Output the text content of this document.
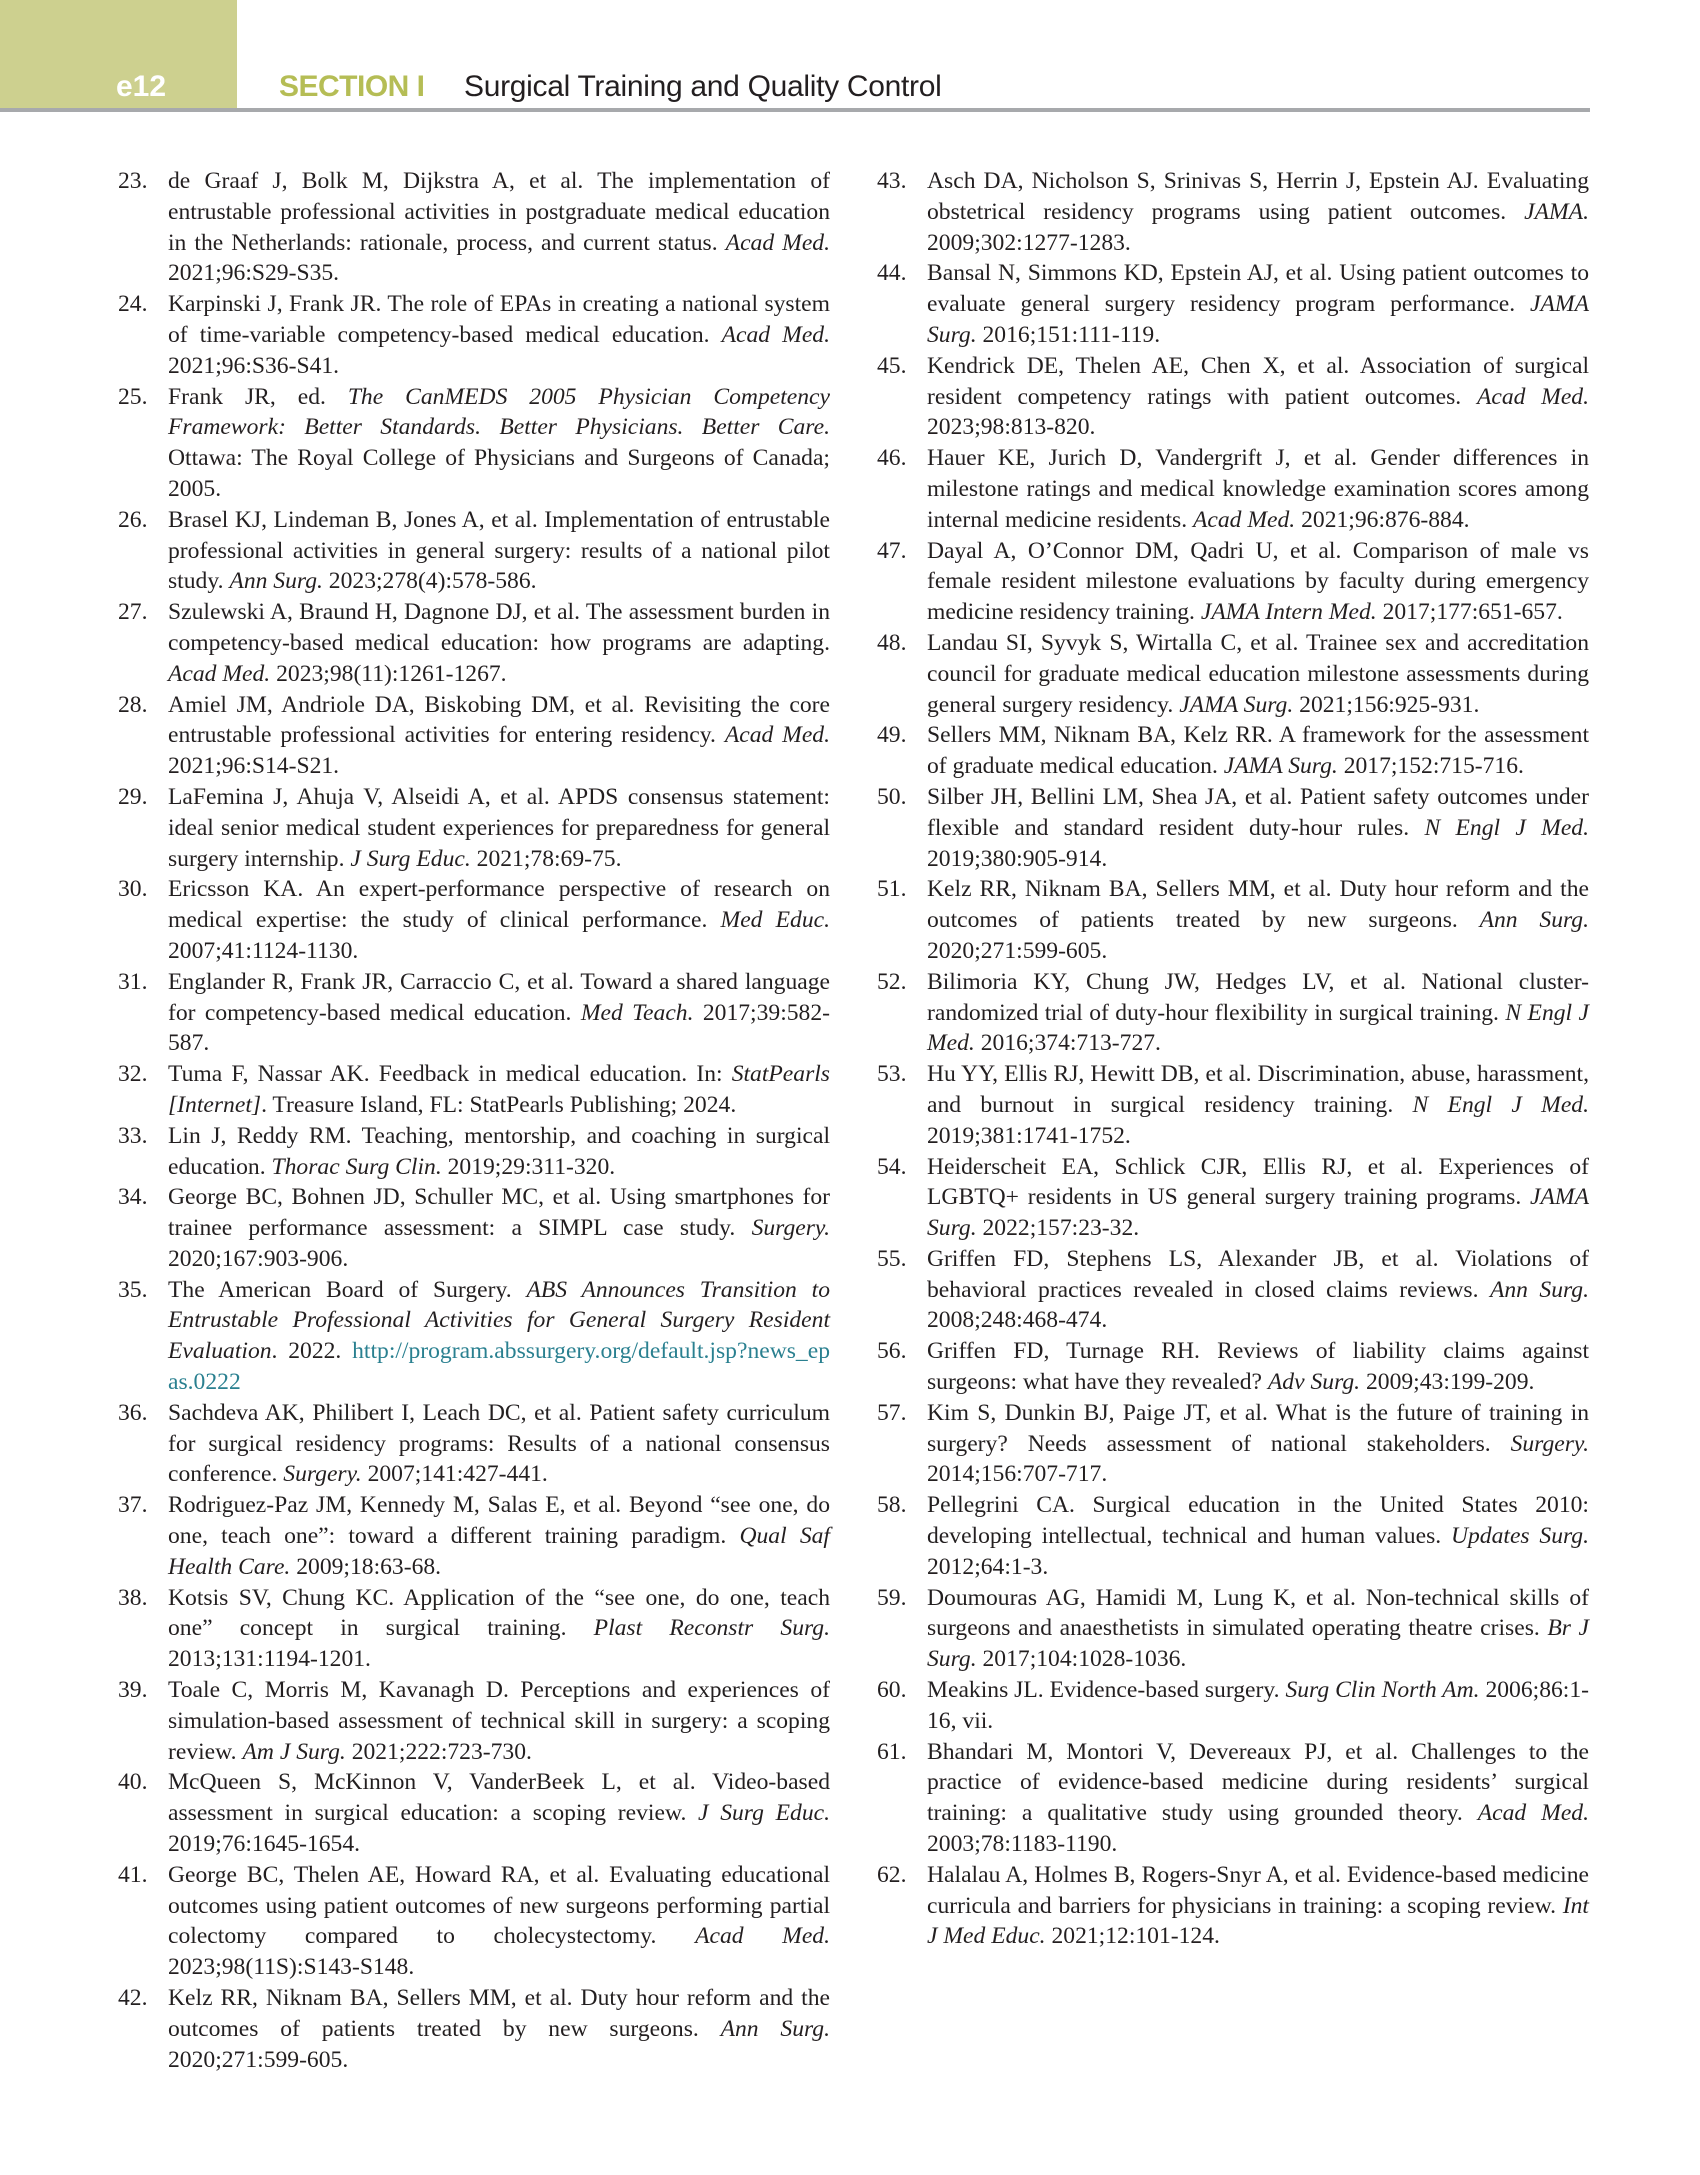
e12	SECTION I Surgical Training and Quality Control
23. de Graaf J, Bolk M, Dijkstra A, et al. The implementation of entrustable professional activities in postgraduate medical education in the Netherlands: rationale, process, and current status. Acad Med. 2021;96:S29-S35.
24. Karpinski J, Frank JR. The role of EPAs in creating a national system of time-variable competency-based medical education. Acad Med. 2021;96:S36-S41.
25. Frank JR, ed. The CanMEDS 2005 Physician Competency Framework: Better Standards. Better Physicians. Better Care. Ottawa: The Royal College of Physicians and Surgeons of Canada; 2005.
26. Brasel KJ, Lindeman B, Jones A, et al. Implementation of entrustable professional activities in general surgery: results of a national pilot study. Ann Surg. 2023;278(4):578-586.
27. Szulewski A, Braund H, Dagnone DJ, et al. The assessment burden in competency-based medical education: how programs are adapting. Acad Med. 2023;98(11):1261-1267.
28. Amiel JM, Andriole DA, Biskobing DM, et al. Revisiting the core entrustable professional activities for entering residency. Acad Med. 2021;96:S14-S21.
29. LaFemina J, Ahuja V, Alseidi A, et al. APDS consensus statement: ideal senior medical student experiences for preparedness for general surgery internship. J Surg Educ. 2021;78:69-75.
30. Ericsson KA. An expert-performance perspective of research on medical expertise: the study of clinical performance. Med Educ. 2007;41:1124-1130.
31. Englander R, Frank JR, Carraccio C, et al. Toward a shared language for competency-based medical education. Med Teach. 2017;39:582-587.
32. Tuma F, Nassar AK. Feedback in medical education. In: StatPearls [Internet]. Treasure Island, FL: StatPearls Publishing; 2024.
33. Lin J, Reddy RM. Teaching, mentorship, and coaching in surgical education. Thorac Surg Clin. 2019;29:311-320.
34. George BC, Bohnen JD, Schuller MC, et al. Using smartphones for trainee performance assessment: a SIMPL case study. Surgery. 2020;167:903-906.
35. The American Board of Surgery. ABS Announces Transition to Entrustable Professional Activities for General Surgery Resident Evaluation. 2022. http://program.abssurgery.org/default.jsp?news_epas.0222
36. Sachdeva AK, Philibert I, Leach DC, et al. Patient safety curriculum for surgical residency programs: Results of a national consensus conference. Surgery. 2007;141:427-441.
37. Rodriguez-Paz JM, Kennedy M, Salas E, et al. Beyond “see one, do one, teach one”: toward a different training paradigm. Qual Saf Health Care. 2009;18:63-68.
38. Kotsis SV, Chung KC. Application of the “see one, do one, teach one” concept in surgical training. Plast Reconstr Surg. 2013;131:1194-1201.
39. Toale C, Morris M, Kavanagh D. Perceptions and experiences of simulation-based assessment of technical skill in surgery: a scoping review. Am J Surg. 2021;222:723-730.
40. McQueen S, McKinnon V, VanderBeek L, et al. Video-based assessment in surgical education: a scoping review. J Surg Educ. 2019;76:1645-1654.
41. George BC, Thelen AE, Howard RA, et al. Evaluating educational outcomes using patient outcomes of new surgeons performing partial colectomy compared to cholecystectomy. Acad Med. 2023;98(11S):S143-S148.
42. Kelz RR, Niknam BA, Sellers MM, et al. Duty hour reform and the outcomes of patients treated by new surgeons. Ann Surg. 2020;271:599-605.
43. Asch DA, Nicholson S, Srinivas S, Herrin J, Epstein AJ. Evaluating obstetrical residency programs using patient outcomes. JAMA. 2009;302:1277-1283.
44. Bansal N, Simmons KD, Epstein AJ, et al. Using patient outcomes to evaluate general surgery residency program performance. JAMA Surg. 2016;151:111-119.
45. Kendrick DE, Thelen AE, Chen X, et al. Association of surgical resident competency ratings with patient outcomes. Acad Med. 2023;98:813-820.
46. Hauer KE, Jurich D, Vandergrift J, et al. Gender differences in milestone ratings and medical knowledge examination scores among internal medicine residents. Acad Med. 2021;96:876-884.
47. Dayal A, O’Connor DM, Qadri U, et al. Comparison of male vs female resident milestone evaluations by faculty during emergency medicine residency training. JAMA Intern Med. 2017;177:651-657.
48. Landau SI, Syvyk S, Wirtalla C, et al. Trainee sex and accreditation council for graduate medical education milestone assessments during general surgery residency. JAMA Surg. 2021;156:925-931.
49. Sellers MM, Niknam BA, Kelz RR. A framework for the assessment of graduate medical education. JAMA Surg. 2017;152:715-716.
50. Silber JH, Bellini LM, Shea JA, et al. Patient safety outcomes under flexible and standard resident duty-hour rules. N Engl J Med. 2019;380:905-914.
51. Kelz RR, Niknam BA, Sellers MM, et al. Duty hour reform and the outcomes of patients treated by new surgeons. Ann Surg. 2020;271:599-605.
52. Bilimoria KY, Chung JW, Hedges LV, et al. National cluster-randomized trial of duty-hour flexibility in surgical training. N Engl J Med. 2016;374:713-727.
53. Hu YY, Ellis RJ, Hewitt DB, et al. Discrimination, abuse, harassment, and burnout in surgical residency training. N Engl J Med. 2019;381:1741-1752.
54. Heiderscheit EA, Schlick CJR, Ellis RJ, et al. Experiences of LGBTQ+ residents in US general surgery training programs. JAMA Surg. 2022;157:23-32.
55. Griffen FD, Stephens LS, Alexander JB, et al. Violations of behavioral practices revealed in closed claims reviews. Ann Surg. 2008;248:468-474.
56. Griffen FD, Turnage RH. Reviews of liability claims against surgeons: what have they revealed? Adv Surg. 2009;43:199-209.
57. Kim S, Dunkin BJ, Paige JT, et al. What is the future of training in surgery? Needs assessment of national stakeholders. Surgery. 2014;156:707-717.
58. Pellegrini CA. Surgical education in the United States 2010: developing intellectual, technical and human values. Updates Surg. 2012;64:1-3.
59. Doumouras AG, Hamidi M, Lung K, et al. Non-technical skills of surgeons and anaesthetists in simulated operating theatre crises. Br J Surg. 2017;104:1028-1036.
60. Meakins JL. Evidence-based surgery. Surg Clin North Am. 2006;86:1-16, vii.
61. Bhandari M, Montori V, Devereaux PJ, et al. Challenges to the practice of evidence-based medicine during residents’ surgical training: a qualitative study using grounded theory. Acad Med. 2003;78:1183-1190.
62. Halalau A, Holmes B, Rogers-Snyr A, et al. Evidence-based medicine curricula and barriers for physicians in training: a scoping review. Int J Med Educ. 2021;12:101-124.
